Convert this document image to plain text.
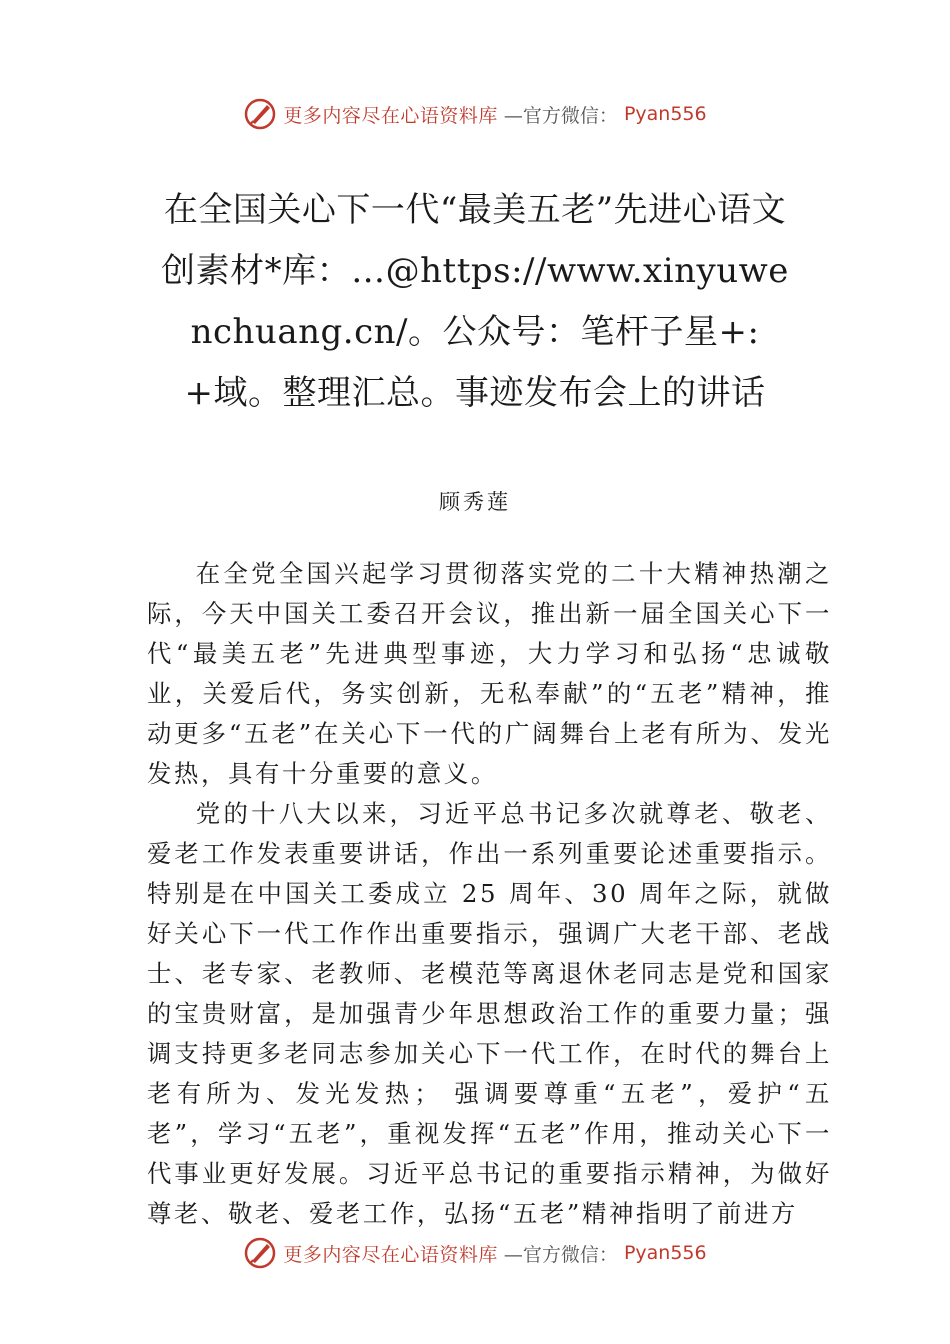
更多内容尽在心语资料库 —官方微信： Pyan556
在全国关心下一代“最美五老”先进心语文创素材*库：…@https://www.xinyuwenchuang.cn/。公众号：笔杆子星+:+域。整理汇总。事迹发布会上的讲话
顾秀莲

在全党全国兴起学习贯彻落实党的二十大精神热潮之际，今天中国关工委召开会议，推出新一届全国关心下一代“最美五老”先进典型事迹，大力学习和弘扬“忠诚敬业，关爱后代，务实创新，无私奉献”的“五老”精神，推动更多“五老”在关心下一代的广阔舞台上老有所为、发光发热，具有十分重要的意义。

党的十八大以来，习近平总书记多次就尊老、敬老、爱老工作发表重要讲话，作出一系列重要论述重要指示。特别是在中国关工委成立 25 周年、30 周年之际，就做好关心下一代工作作出重要指示，强调广大老干部、老战士、老专家、老教师、老模范等离退休老同志是党和国家的宝贵财富，是加强青少年思想政治工作的重要力量；强调支持更多老同志参加关心下一代工作，在时代的舞台上老有所为、发光发热； 强调要尊重“五老”，爱护“五老”，学习“五老”，重视发挥“五老”作用，推动关心下一代事业更好发展。习近平总书记的重要指示精神，为做好尊老、敬老、爱老工作，弘扬“五老”精神指明了前进方

更多内容尽在心语资料库 —官方微信： Pyan556
